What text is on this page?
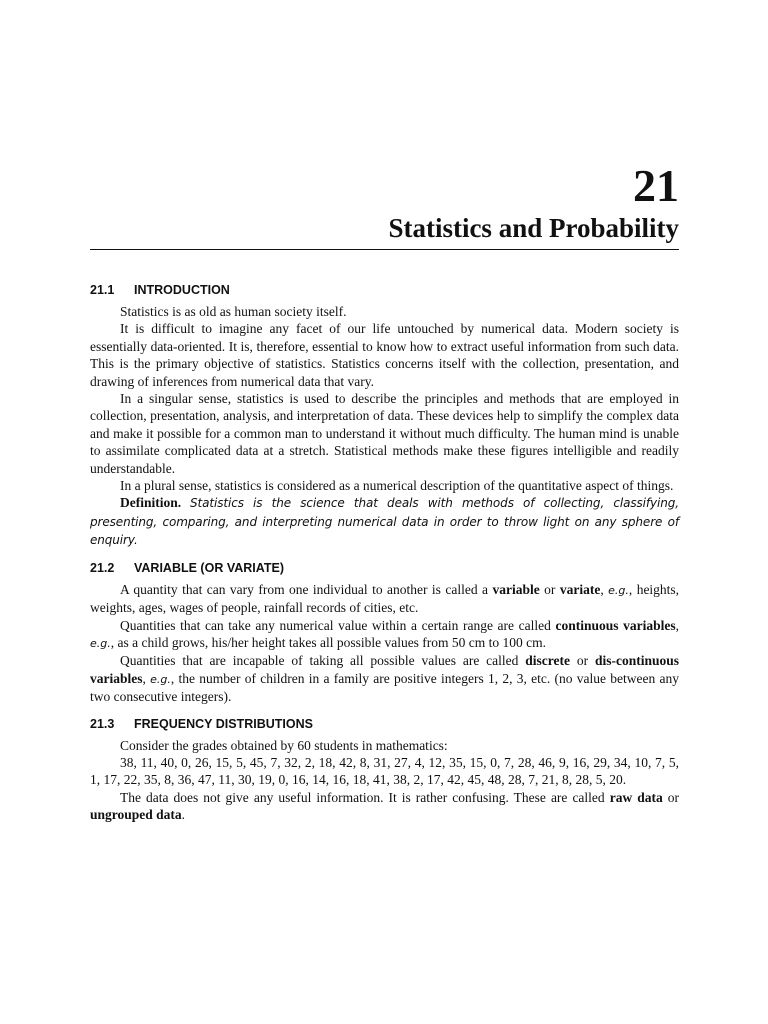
21
Statistics and Probability
21.1 INTRODUCTION

Statistics is as old as human society itself.

It is difficult to imagine any facet of our life untouched by numerical data. Modern society is essentially data-oriented. It is, therefore, essential to know how to extract useful information from such data. This is the primary objective of statistics. Statistics concerns itself with the collection, presentation, and drawing of inferences from numerical data that vary.

In a singular sense, statistics is used to describe the principles and methods that are employed in collection, presentation, analysis, and interpretation of data. These devices help to simplify the complex data and make it possible for a common man to understand it without much difficulty. The human mind is unable to assimilate complicated data at a stretch. Statistical methods make these figures intelligible and readily understandable.

In a plural sense, statistics is considered as a numerical description of the quantitative aspect of things.

Definition. Statistics is the science that deals with methods of collecting, classifying, presenting, comparing, and interpreting numerical data in order to throw light on any sphere of enquiry.

21.2 VARIABLE (OR VARIATE)

A quantity that can vary from one individual to another is called a variable or variate, e.g., heights, weights, ages, wages of people, rainfall records of cities, etc.

Quantities that can take any numerical value within a certain range are called continuous variables, e.g., as a child grows, his/her height takes all possible values from 50 cm to 100 cm.

Quantities that are incapable of taking all possible values are called discrete or dis-continuous variables, e.g., the number of children in a family are positive integers 1, 2, 3, etc. (no value between any two consecutive integers).

21.3 FREQUENCY DISTRIBUTIONS

Consider the grades obtained by 60 students in mathematics:

38, 11, 40, 0, 26, 15, 5, 45, 7, 32, 2, 18, 42, 8, 31, 27, 4, 12, 35, 15, 0, 7, 28, 46, 9, 16, 29, 34, 10, 7, 5, 1, 17, 22, 35, 8, 36, 47, 11, 30, 19, 0, 16, 14, 16, 18, 41, 38, 2, 17, 42, 45, 48, 28, 7, 21, 8, 28, 5, 20.

The data does not give any useful information. It is rather confusing. These are called raw data or ungrouped data.
